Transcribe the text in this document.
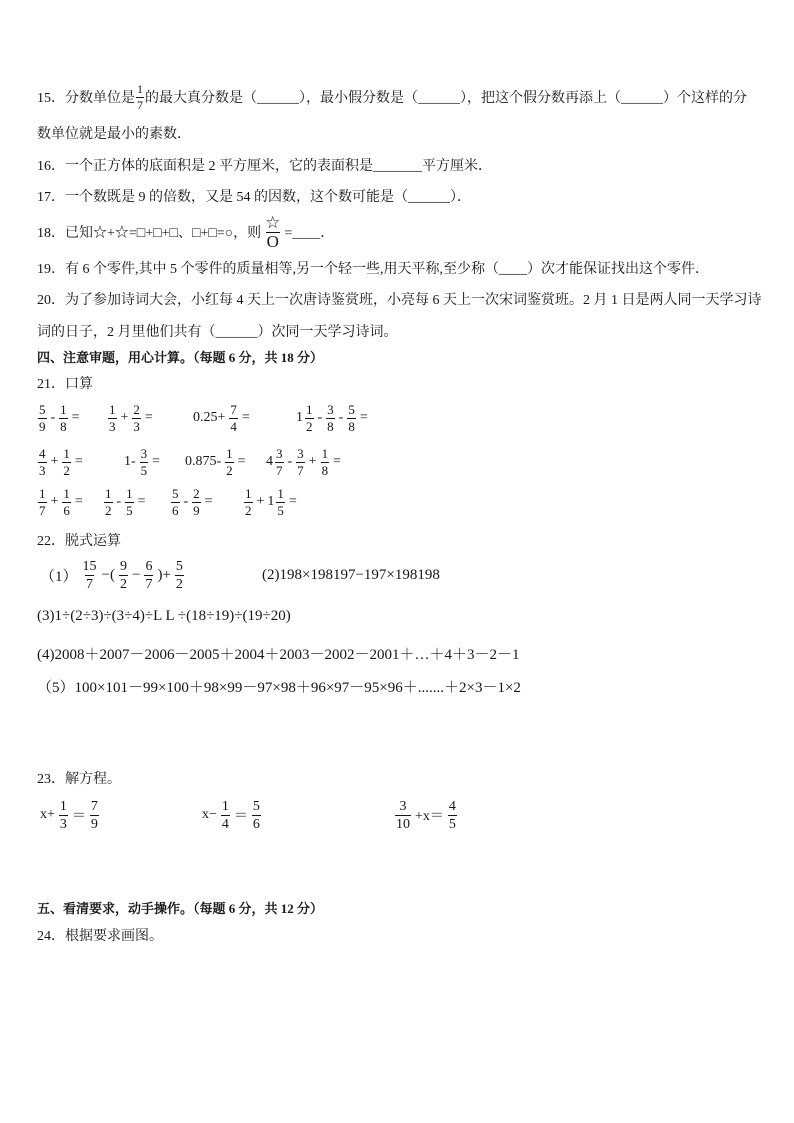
15．分数单位是 $\frac{1}{7}$ 的最大真分数是（______），最小假分数是（______），把这个假分数再添上（______）个这样的分
数单位就是最小的素数．
16．一个正方体的底面积是 2 平方厘米，它的表面积是_______平方厘米．
17．一个数既是 9 的倍数，又是 54 的因数，这个数可能是（______）．
18．已知☆+☆=□+□+□、□+□=○，则 $\frac{☆}{O}$ =____．
19．有 6 个零件,其中 5 个零件的质量相等,另一个轻一些,用天平称,至少称（____）次才能保证找出这个零件．
20．为了参加诗词大会，小红每 4 天上一次唐诗鉴赏班，小亮每 6 天上一次宋词鉴赏班。2 月 1 日是两人同一天学习诗
词的日子，2 月里他们共有（______）次同一天学习诗词。
四、注意审题，用心计算。（每题 6 分，共 18 分）
21．口算
$\frac{5}{9} - \frac{1}{8} = \frac{1}{3} + \frac{2}{3}$ =	$0.25+ \frac{7}{4}$ =	$1 \frac{1}{2} - \frac{3}{8} - \frac{5}{8}$ =
$\frac{4}{3} + \frac{1}{2}$ =	$1- \frac{3}{5} = 0.875- \frac{1}{2} = 4 \frac{3}{7} - \frac{3}{7} + \frac{1}{8}$ =
$\frac{1}{7} + \frac{1}{6} = \frac{1}{2} - \frac{1}{5} = \frac{5}{6} - \frac{2}{9} = \frac{1}{2} + 1 \frac{1}{5}$ =
22．脱式运算
$(1) \frac{15}{7}$ −( $\frac{9}{2} - \frac{6}{7}$ )+ $\frac{5}{2}$	(2)198×198197−197×198198
(3)1÷(2÷3)÷(3÷4)÷L L ÷(18÷19)÷(19÷20)
(4)2008＋2007－2006－2005＋2004＋2003－2002－2001＋…＋4＋3－2－1
（5）100×101－99×100＋98×99－97×98＋96×97－95×96＋.......＋2×3－1×2
23．解方程。
$x+ \frac{1}{3} = \frac{7}{9}$	$x- \frac{1}{4} = \frac{5}{6}$	$\frac{3}{10} +x= \frac{4}{5}$
五、看清要求，动手操作。（每题 6 分，共 12 分）
24．根据要求画图。
